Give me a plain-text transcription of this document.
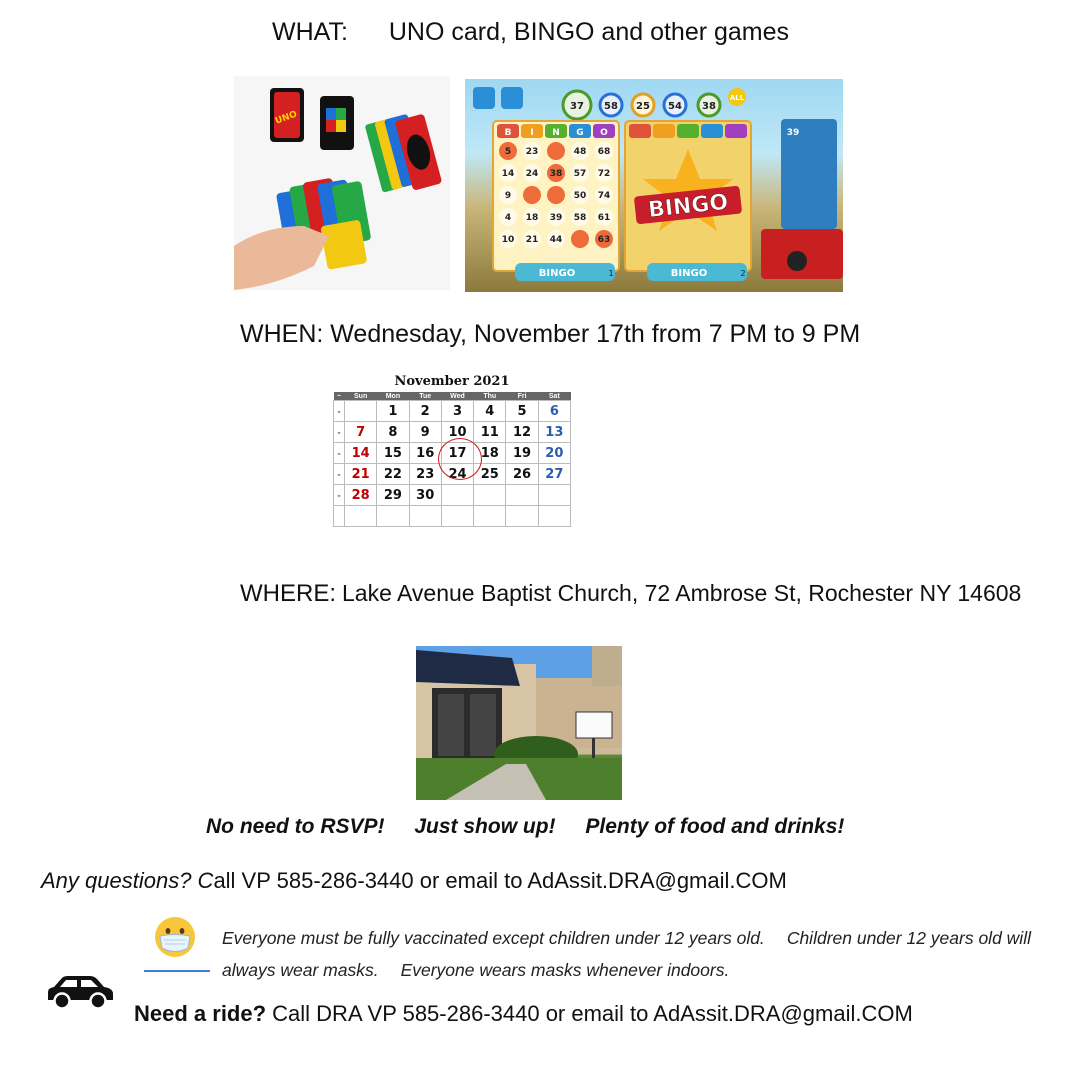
WHAT: UNO card, BINGO and other games
UNO
37 58 25 54 38
ALL
B I N G O
5 23	48 68
14 24 38 57 72
9	50 74
4 18 39 58 61
10 21 44	63
BINGO	1
BINGO
BINGO	2
39
WHEN: Wednesday, November 17th from 7 PM to 9 PM
November 2021
~	Sun	Mon	Tue	Wed	Thu	Fri	Sat
-		1	2	3	4	5	6
-	7	8	9	10	11	12	13
-	14	15	16	17	18	19	20
-	21	22	23	24	25	26	27
-	28	29	30				

WHERE: Lake Avenue Baptist Church, 72 Ambrose St, Rochester NY 14608
No need to RSVP! Just show up! Plenty of food and drinks!
Any questions? Call VP 585-286-3440 or email to AdAssit.DRA@gmail.COM
Everyone must be fully vaccinated except children under 12 years old. Children under 12 years old will always wear masks. Everyone wears masks whenever indoors.
Need a ride? Call DRA VP 585-286-3440 or email to AdAssit.DRA@gmail.COM
